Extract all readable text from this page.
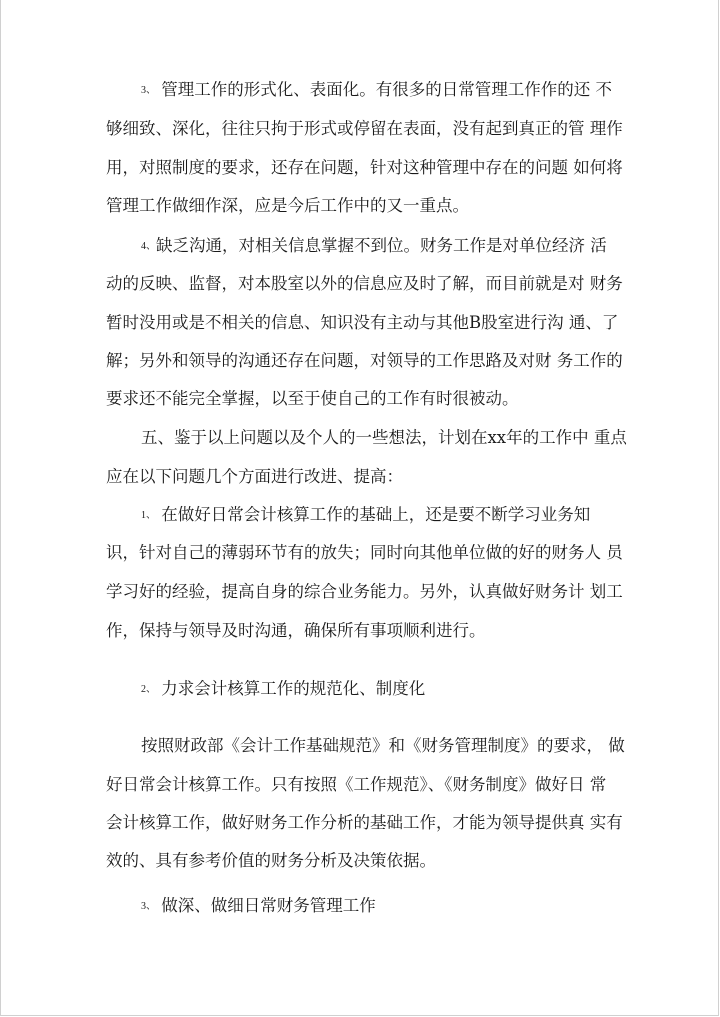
3、 管理工作的形式化、表面化。有很多的日常管理工作作的还 不
够细致、深化，往往只拘于形式或停留在表面，没有起到真正的管 理作
用，对照制度的要求，还存在问题，针对这种管理中存在的问题 如何将
管理工作做细作深，应是今后工作中的又一重点。
4、缺乏沟通，对相关信息掌握不到位。财务工作是对单位经济 活
动的反映、监督，对本股室以外的信息应及时了解，而目前就是对 财务
暂时没用或是不相关的信息、知识没有主动与其他B股室进行沟 通、了
解；另外和领导的沟通还存在问题，对领导的工作思路及对财 务工作的
要求还不能完全掌握，以至于使自己的工作有时很被动。
五、鉴于以上问题以及个人的一些想法，计划在xx年的工作中 重点
应在以下问题几个方面进行改进、提高：
1、 在做好日常会计核算工作的基础上，还是要不断学习业务知
识，针对自己的薄弱环节有的放失；同时向其他单位做的好的财务人 员
学习好的经验，提高自身的综合业务能力。另外，认真做好财务计 划工
作，保持与领导及时沟通，确保所有事项顺利进行。
2、 力求会计核算工作的规范化、制度化
按照财政部《会计工作基础规范》和《财务管理制度》的要求， 做
好日常会计核算工作。只有按照《工作规范》、《财务制度》做好日 常
会计核算工作，做好财务工作分析的基础工作，才能为领导提供真 实有
效的、具有参考价值的财务分析及决策依据。
3、 做深、做细日常财务管理工作
